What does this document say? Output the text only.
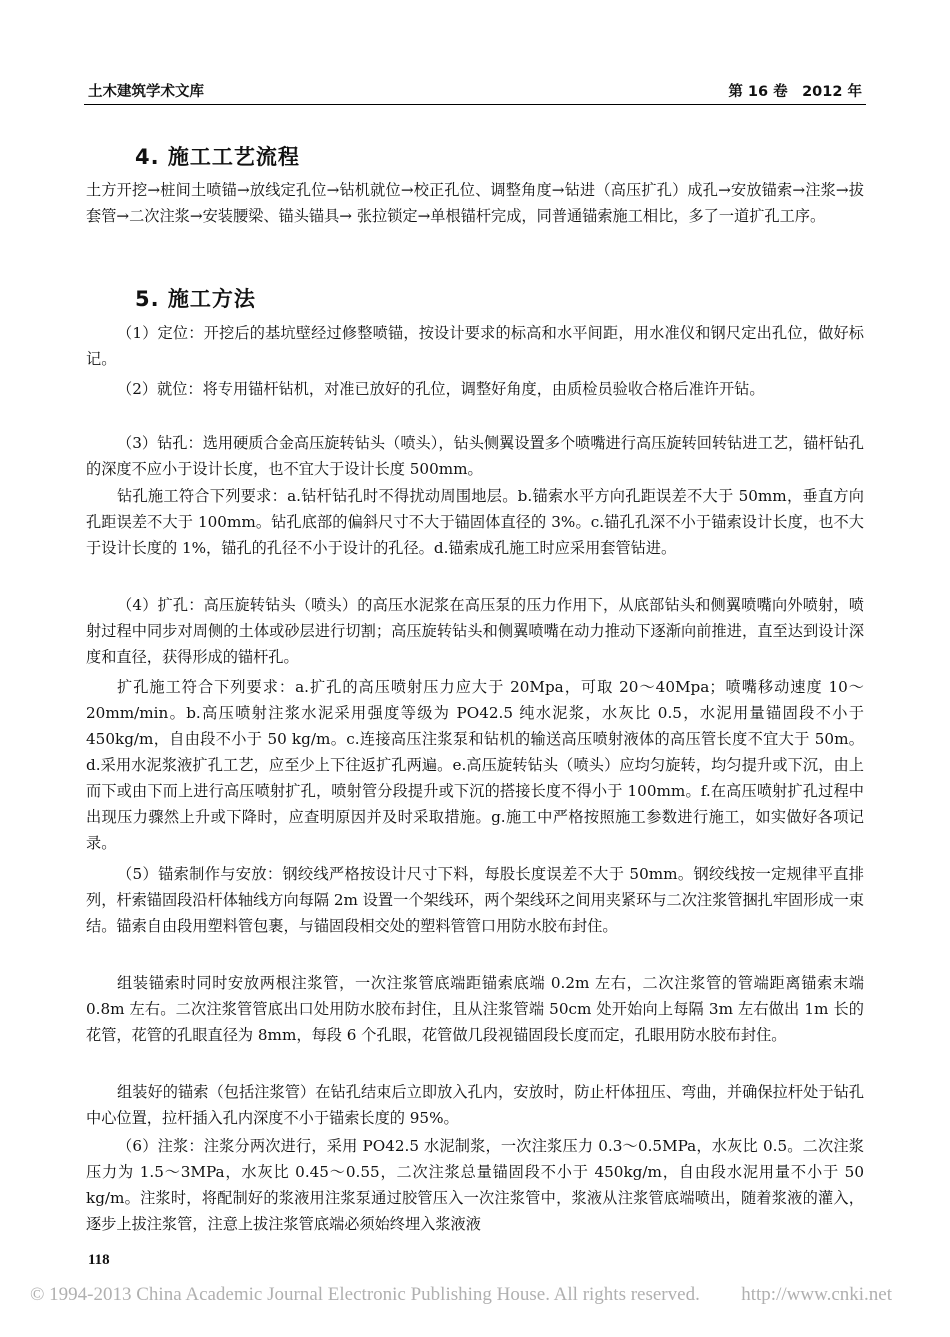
土木建筑学术文库	第 16 卷　2012 年
4. 施工工艺流程

土方开挖→桩间土喷锚→放线定孔位→钻机就位→校正孔位、调整角度→钻进（高压扩孔）成孔→安放锚索→注浆→拔套管→二次注浆→安装腰梁、锚头锚具→ 张拉锁定→单根锚杆完成，同普通锚索施工相比，多了一道扩孔工序。

5. 施工方法

（1）定位：开挖后的基坑壁经过修整喷锚，按设计要求的标高和水平间距，用水准仪和钢尺定出孔位，做好标记。

（2）就位：将专用锚杆钻机，对准已放好的孔位，调整好角度，由质检员验收合格后准许开钻。

（3）钻孔：选用硬质合金高压旋转钻头（喷头），钻头侧翼设置多个喷嘴进行高压旋转回转钻进工艺，锚杆钻孔的深度不应小于设计长度，也不宜大于设计长度 500mm。

钻孔施工符合下列要求：a.钻杆钻孔时不得扰动周围地层。b.锚索水平方向孔距误差不大于 50mm，垂直方向孔距误差不大于 100mm。钻孔底部的偏斜尺寸不大于锚固体直径的 3%。c.锚孔孔深不小于锚索设计长度，也不大于设计长度的 1%，锚孔的孔径不小于设计的孔径。d.锚索成孔施工时应采用套管钻进。

（4）扩孔：高压旋转钻头（喷头）的高压水泥浆在高压泵的压力作用下，从底部钻头和侧翼喷嘴向外喷射，喷射过程中同步对周侧的土体或砂层进行切割；高压旋转钻头和侧翼喷嘴在动力推动下逐渐向前推进，直至达到设计深度和直径，获得形成的锚杆孔。

扩孔施工符合下列要求：a.扩孔的高压喷射压力应大于 20Mpa，可取 20～40Mpa；喷嘴移动速度 10～20mm/min。b.高压喷射注浆水泥采用强度等级为 PO42.5 纯水泥浆，水灰比 0.5，水泥用量锚固段不小于 450kg/m，自由段不小于 50 kg/m。c.连接高压注浆泵和钻机的输送高压喷射液体的高压管长度不宜大于 50m。d.采用水泥浆液扩孔工艺，应至少上下往返扩孔两遍。e.高压旋转钻头（喷头）应均匀旋转，均匀提升或下沉，由上而下或由下而上进行高压喷射扩孔，喷射管分段提升或下沉的搭接长度不得小于 100mm。f.在高压喷射扩孔过程中出现压力骤然上升或下降时，应查明原因并及时采取措施。g.施工中严格按照施工参数进行施工，如实做好各项记录。

（5）锚索制作与安放：钢绞线严格按设计尺寸下料，每股长度误差不大于 50mm。钢绞线按一定规律平直排列，杆索锚固段沿杆体轴线方向每隔 2m 设置一个架线环，两个架线环之间用夹紧环与二次注浆管捆扎牢固形成一束结。锚索自由段用塑料管包裹，与锚固段相交处的塑料管管口用防水胶布封住。

组装锚索时同时安放两根注浆管，一次注浆管底端距锚索底端 0.2m 左右，二次注浆管的管端距离锚索末端 0.8m 左右。二次注浆管管底出口处用防水胶布封住，且从注浆管端 50cm 处开始向上每隔 3m 左右做出 1m 长的花管，花管的孔眼直径为 8mm，每段 6 个孔眼，花管做几段视锚固段长度而定，孔眼用防水胶布封住。

组装好的锚索（包括注浆管）在钻孔结束后立即放入孔内，安放时，防止杆体扭压、弯曲，并确保拉杆处于钻孔中心位置，拉杆插入孔内深度不小于锚索长度的 95%。

（6）注浆：注浆分两次进行，采用 PO42.5 水泥制浆，一次注浆压力 0.3～0.5MPa，水灰比 0.5。二次注浆压力为 1.5～3MPa，水灰比 0.45～0.55，二次注浆总量锚固段不小于 450kg/m，自由段水泥用量不小于 50 kg/m。注浆时，将配制好的浆液用注浆泵通过胶管压入一次注浆管中，浆液从注浆管底端喷出，随着浆液的灌入，逐步上拔注浆管，注意上拔注浆管底端必须始终埋入浆液液

118
© 1994-2013 China Academic Journal Electronic Publishing House. All rights reserved. http://www.cnki.net
